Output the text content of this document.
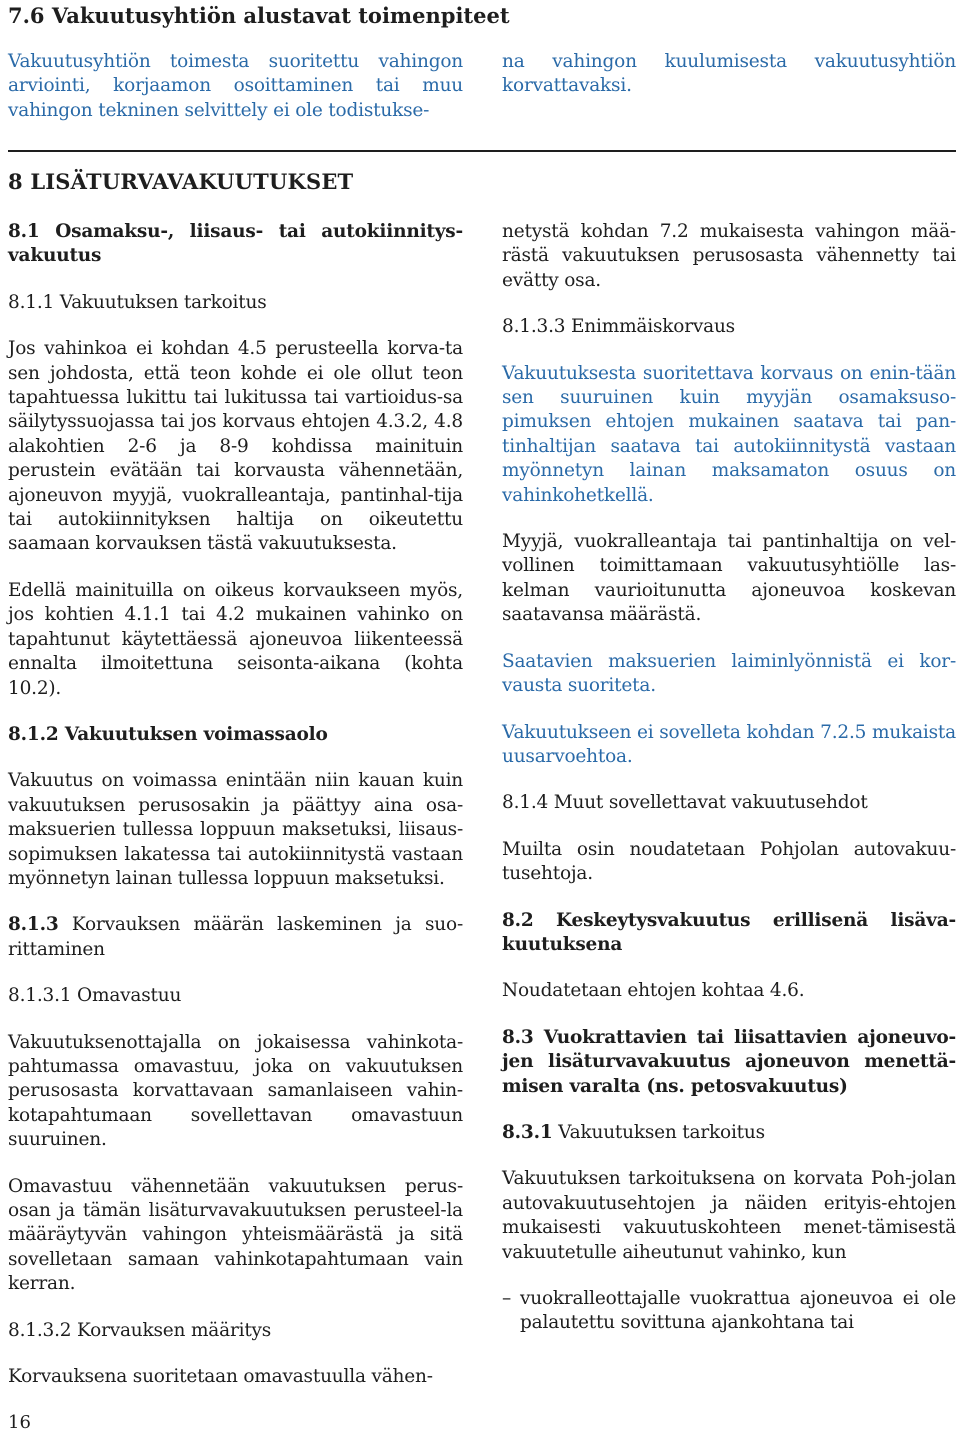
7.6 Vakuutusyhtiön alustavat toimenpiteet

Vakuutusyhtiön toimesta suoritettu vahingon arviointi, korjaamon osoittaminen tai muu vahingon tekninen selvittely ei ole todistukse-

na vahingon kuulumisesta vakuutusyhtiön korvattavaksi.

8 LISÄTURVAVAKUUTUKSET

8.1 Osamaksu-, liisaus- tai autokiinnitys-vakuutus

8.1.1 Vakuutuksen tarkoitus

Jos vahinkoa ei kohdan 4.5 perusteella korva-ta sen johdosta, että teon kohde ei ole ollut teon tapahtuessa lukittu tai lukitussa tai vartioidus-sa säilytyssuojassa tai jos korvaus ehtojen 4.3.2, 4.8 alakohtien 2-6 ja 8-9 kohdissa mainituin perustein evätään tai korvausta vähennetään, ajoneuvon myyjä, vuokralleantaja, pantinhal-tija tai autokiinnityksen haltija on oikeutettu saamaan korvauksen tästä vakuutuksesta.

Edellä mainituilla on oikeus korvaukseen myös, jos kohtien 4.1.1 tai 4.2 mukainen vahinko on tapahtunut käytettäessä ajoneuvoa liikenteessä ennalta ilmoitettuna seisonta-aikana (kohta 10.2).

8.1.2 Vakuutuksen voimassaolo

Vakuutus on voimassa enintään niin kauan kuin vakuutuksen perusosakin ja päättyy aina osa-maksuerien tullessa loppuun maksetuksi, liisaus-sopimuksen lakatessa tai autokiinnitystä vastaan myönnetyn lainan tullessa loppuun maksetuksi.

8.1.3 Korvauksen määrän laskeminen ja suo-rittaminen

8.1.3.1 Omavastuu

Vakuutuksenottajalla on jokaisessa vahinkota-pahtumassa omavastuu, joka on vakuutuksen perusosasta korvattavaan samanlaiseen vahin-kotapahtumaan sovellettavan omavastuun suuruinen.

Omavastuu vähennetään vakuutuksen perus-osan ja tämän lisäturvavakuutuksen perusteel-la määräytyvän vahingon yhteismäärästä ja sitä sovelletaan samaan vahinkotapahtumaan vain kerran.

8.1.3.2 Korvauksen määritys

Korvauksena suoritetaan omavastuulla vähen-

netystä kohdan 7.2 mukaisesta vahingon mää-rästä vakuutuksen perusosasta vähennetty tai evätty osa.

8.1.3.3 Enimmäiskorvaus

Vakuutuksesta suoritettava korvaus on enin-tään sen suuruinen kuin myyjän osamaksuso-pimuksen ehtojen mukainen saatava tai pan-tinhaltijan saatava tai autokiinnitystä vastaan myönnetyn lainan maksamaton osuus on vahinkohetkellä.

Myyjä, vuokralleantaja tai pantinhaltija on vel-vollinen toimittamaan vakuutusyhtiölle las-kelman vaurioitunutta ajoneuvoa koskevan saatavansa määrästä.

Saatavien maksuerien laiminlyönnistä ei kor-vausta suoriteta.

Vakuutukseen ei sovelleta kohdan 7.2.5 mukaista uusarvoehtoa.

8.1.4 Muut sovellettavat vakuutusehdot

Muilta osin noudatetaan Pohjolan autovakuu-tusehtoja.

8.2 Keskeytysvakuutus erillisenä lisäva-kuutuksena

Noudatetaan ehtojen kohtaa 4.6.

8.3 Vuokrattavien tai liisattavien ajoneuvo-jen lisäturvavakuutus ajoneuvon menettä-misen varalta (ns. petosvakuutus)

8.3.1 Vakuutuksen tarkoitus

Vakuutuksen tarkoituksena on korvata Poh-jolan autovakuutusehtojen ja näiden erityis-ehtojen mukaisesti vakuutuskohteen menet-tämisestä vakuutetulle aiheutunut vahinko, kun

– vuokralleottajalle vuokrattua ajoneuvoa ei ole palautettu sovittuna ajankohtana tai
16
